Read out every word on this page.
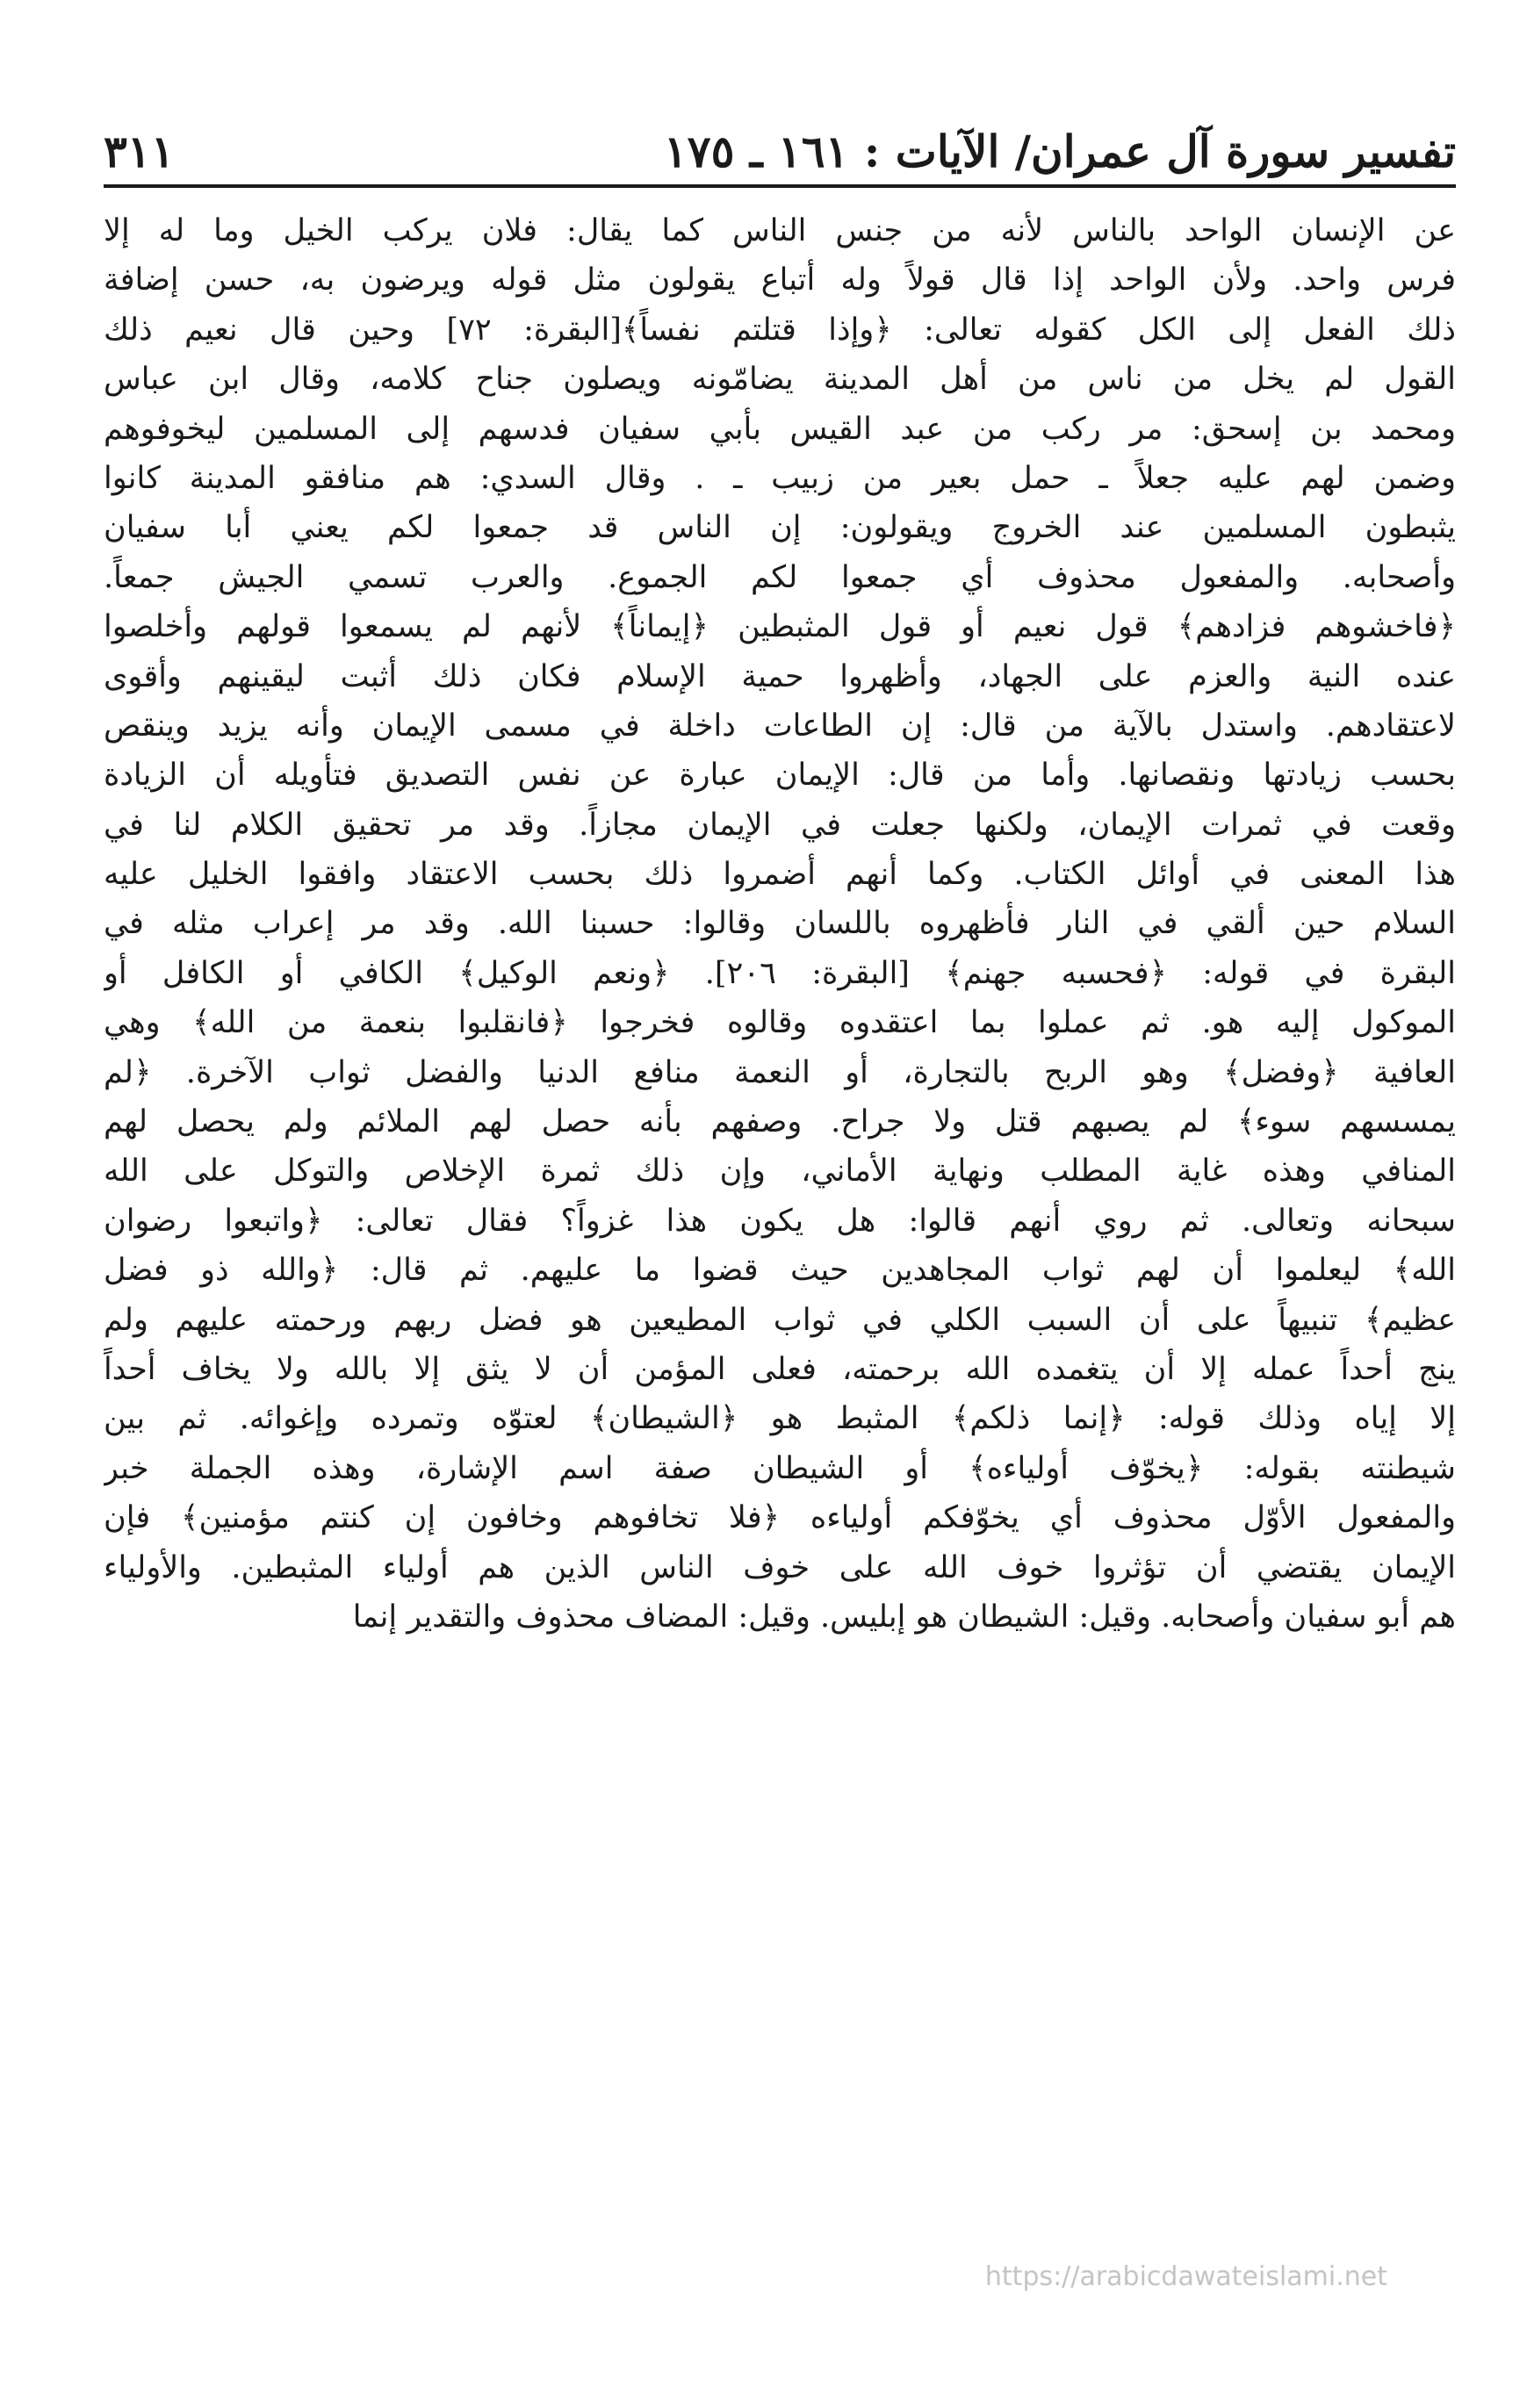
تفسير سورة آل عمران/ الآيات : ١٦١ ـ ١٧٥
٣١١
عن الإنسان الواحد بالناس لأنه من جنس الناس كما يقال: فلان يركب الخيل وما له إلا
فرس واحد. ولأن الواحد إذا قال قولاً وله أتباع يقولون مثل قوله ويرضون به، حسن إضافة
ذلك الفعل إلى الكل كقوله تعالى: ﴿وإذا قتلتم نفساً﴾[البقرة: ٧٢] وحين قال نعيم ذلك
القول لم يخل من ناس من أهل المدينة يضامّونه ويصلون جناح كلامه، وقال ابن عباس
ومحمد بن إسحق: مر ركب من عبد القيس بأبي سفيان فدسهم إلى المسلمين ليخوفوهم
وضمن لهم عليه جعلاً ـ حمل بعير من زبيب ـ . وقال السدي: هم منافقو المدينة كانوا
يثبطون المسلمين عند الخروج ويقولون: إن الناس قد جمعوا لكم يعني أبا سفيان
وأصحابه. والمفعول محذوف أي جمعوا لكم الجموع. والعرب تسمي الجيش جمعاً.
﴿فاخشوهم فزادهم﴾ قول نعيم أو قول المثبطين ﴿إيماناً﴾ لأنهم لم يسمعوا قولهم وأخلصوا
عنده النية والعزم على الجهاد، وأظهروا حمية الإسلام فكان ذلك أثبت ليقينهم وأقوى
لاعتقادهم. واستدل بالآية من قال: إن الطاعات داخلة في مسمى الإيمان وأنه يزيد وينقص
بحسب زيادتها ونقصانها. وأما من قال: الإيمان عبارة عن نفس التصديق فتأويله أن الزيادة
وقعت في ثمرات الإيمان، ولكنها جعلت في الإيمان مجازاً. وقد مر تحقيق الكلام لنا في
هذا المعنى في أوائل الكتاب. وكما أنهم أضمروا ذلك بحسب الاعتقاد وافقوا الخليل عليه
السلام حين ألقي في النار فأظهروه باللسان وقالوا: حسبنا الله. وقد مر إعراب مثله في
البقرة في قوله: ﴿فحسبه جهنم﴾ [البقرة: ٢٠٦]. ﴿ونعم الوكيل﴾ الكافي أو الكافل أو
الموكول إليه هو. ثم عملوا بما اعتقدوه وقالوه فخرجوا ﴿فانقلبوا بنعمة من الله﴾ وهي
العافية ﴿وفضل﴾ وهو الربح بالتجارة، أو النعمة منافع الدنيا والفضل ثواب الآخرة. ﴿لم
يمسسهم سوء﴾ لم يصبهم قتل ولا جراح. وصفهم بأنه حصل لهم الملائم ولم يحصل لهم
المنافي وهذه غاية المطلب ونهاية الأماني، وإن ذلك ثمرة الإخلاص والتوكل على الله
سبحانه وتعالى. ثم روي أنهم قالوا: هل يكون هذا غزواً؟ فقال تعالى: ﴿واتبعوا رضوان
الله﴾ ليعلموا أن لهم ثواب المجاهدين حيث قضوا ما عليهم. ثم قال: ﴿والله ذو فضل
عظيم﴾ تنبيهاً على أن السبب الكلي في ثواب المطيعين هو فضل ربهم ورحمته عليهم ولم
ينج أحداً عمله إلا أن يتغمده الله برحمته، فعلى المؤمن أن لا يثق إلا بالله ولا يخاف أحداً
إلا إياه وذلك قوله: ﴿إنما ذلكم﴾ المثبط هو ﴿الشيطان﴾ لعتوّه وتمرده وإغوائه. ثم بين
شيطنته بقوله: ﴿يخوّف أولياءه﴾ أو الشيطان صفة اسم الإشارة، وهذه الجملة خبر
والمفعول الأوّل محذوف أي يخوّفكم أولياءه ﴿فلا تخافوهم وخافون إن كنتم مؤمنين﴾ فإن
الإيمان يقتضي أن تؤثروا خوف الله على خوف الناس الذين هم أولياء المثبطين. والأولياء
هم أبو سفيان وأصحابه. وقيل: الشيطان هو إبليس. وقيل: المضاف محذوف والتقدير إنما
https://arabicdawateislami.net
